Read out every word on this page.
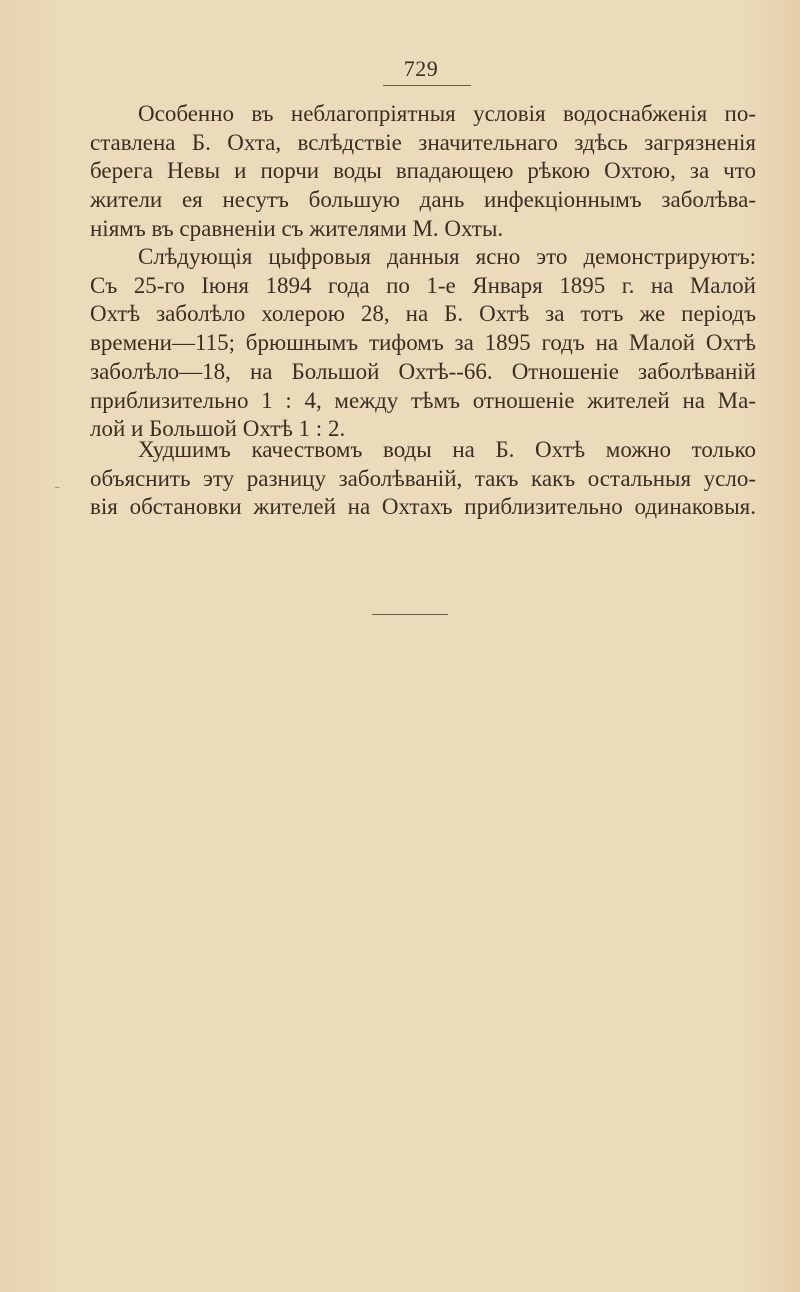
729
ˍ

Особенно въ неблагопріятныя условія водоснабженія по-
ставлена Б. Охта, вслѣдствіе значительнаго здѣсь загрязненія
берега Невы и порчи воды впадающею рѣкою Охтою, за что
жители ея несутъ большую дань инфекціоннымъ заболѣва-
ніямъ въ сравненіи съ жителями М. Охты.

Слѣдующія цыфровыя данныя ясно это демонстрируютъ:
Съ 25-го Іюня 1894 года по 1-е Января 1895 г. на Малой
Охтѣ заболѣло холерою 28, на Б. Охтѣ за тотъ же періодъ
времени—115; брюшнымъ тифомъ за 1895 годъ на Малой Охтѣ
заболѣло—18, на Большой Охтѣ--66. Отношеніе заболѣваній
приблизительно 1 : 4, между тѣмъ отношеніе жителей на Ма-
лой и Большой Охтѣ 1 : 2.

Худшимъ качествомъ воды на Б. Охтѣ можно только
объяснить эту разницу заболѣваній, такъ какъ остальныя усло-
вія обстановки жителей на Охтахъ приблизительно одинаковыя.
